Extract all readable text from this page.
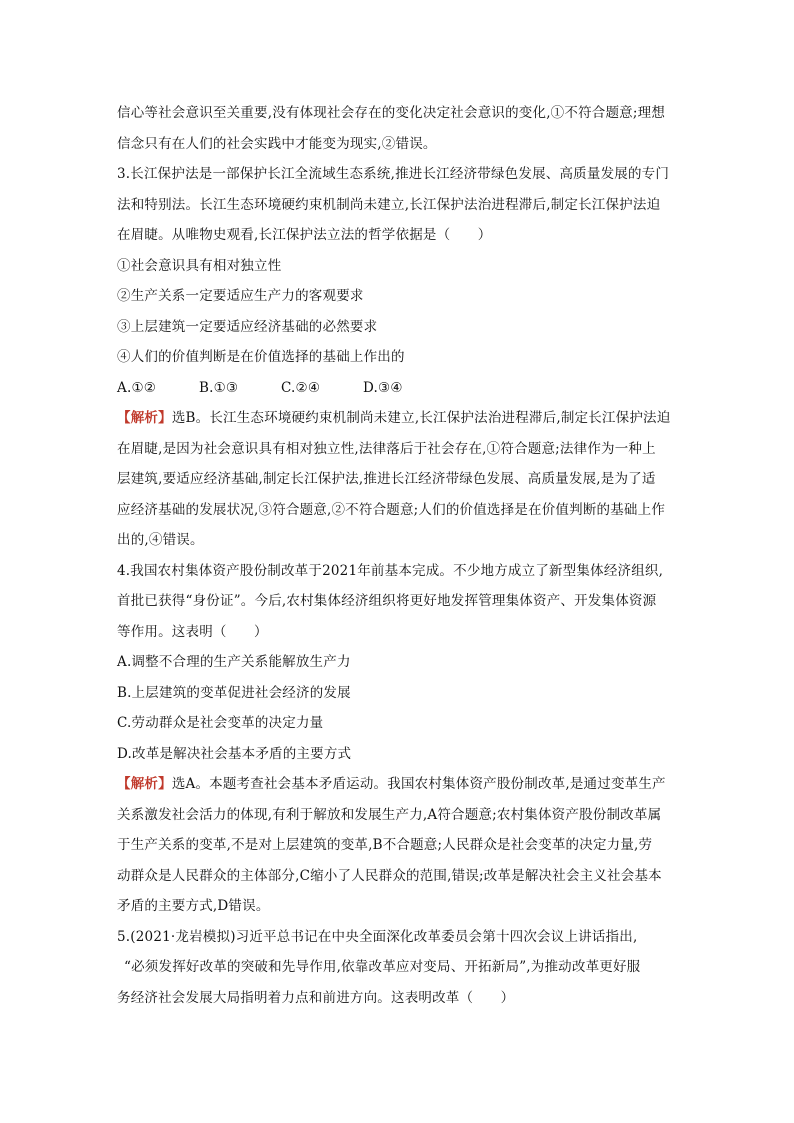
信心等社会意识至关重要,没有体现社会存在的变化决定社会意识的变化,①不符合题意;理想
信念只有在人们的社会实践中才能变为现实,②错误。
3.长江保护法是一部保护长江全流域生态系统,推进长江经济带绿色发展、高质量发展的专门
法和特别法。长江生态环境硬约束机制尚未建立,长江保护法治进程滞后,制定长江保护法迫
在眉睫。从唯物史观看,长江保护法立法的哲学依据是（　　）
①社会意识具有相对独立性
②生产关系一定要适应生产力的客观要求
③上层建筑一定要适应经济基础的必然要求
④人们的价值判断是在价值选择的基础上作出的
A.①②	B.①③	C.②④	D.③④
【解析】选B。长江生态环境硬约束机制尚未建立,长江保护法治进程滞后,制定长江保护法迫
在眉睫,是因为社会意识具有相对独立性,法律落后于社会存在,①符合题意;法律作为一种上
层建筑,要适应经济基础,制定长江保护法,推进长江经济带绿色发展、高质量发展,是为了适
应经济基础的发展状况,③符合题意,②不符合题意;人们的价值选择是在价值判断的基础上作
出的,④错误。
4.我国农村集体资产股份制改革于2021年前基本完成。不少地方成立了新型集体经济组织,
首批已获得“身份证”。今后,农村集体经济组织将更好地发挥管理集体资产、开发集体资源
等作用。这表明（　　）
A.调整不合理的生产关系能解放生产力
B.上层建筑的变革促进社会经济的发展
C.劳动群众是社会变革的决定力量
D.改革是解决社会基本矛盾的主要方式
【解析】选A。本题考查社会基本矛盾运动。我国农村集体资产股份制改革,是通过变革生产
关系激发社会活力的体现,有利于解放和发展生产力,A符合题意;农村集体资产股份制改革属
于生产关系的变革,不是对上层建筑的变革,B不合题意;人民群众是社会变革的决定力量,劳
动群众是人民群众的主体部分,C缩小了人民群众的范围,错误;改革是解决社会主义社会基本
矛盾的主要方式,D错误。
5.(2021·龙岩模拟)习近平总书记在中央全面深化改革委员会第十四次会议上讲话指出,
“必须发挥好改革的突破和先导作用,依靠改革应对变局、开拓新局”,为推动改革更好服
务经济社会发展大局指明着力点和前进方向。这表明改革（　　）
